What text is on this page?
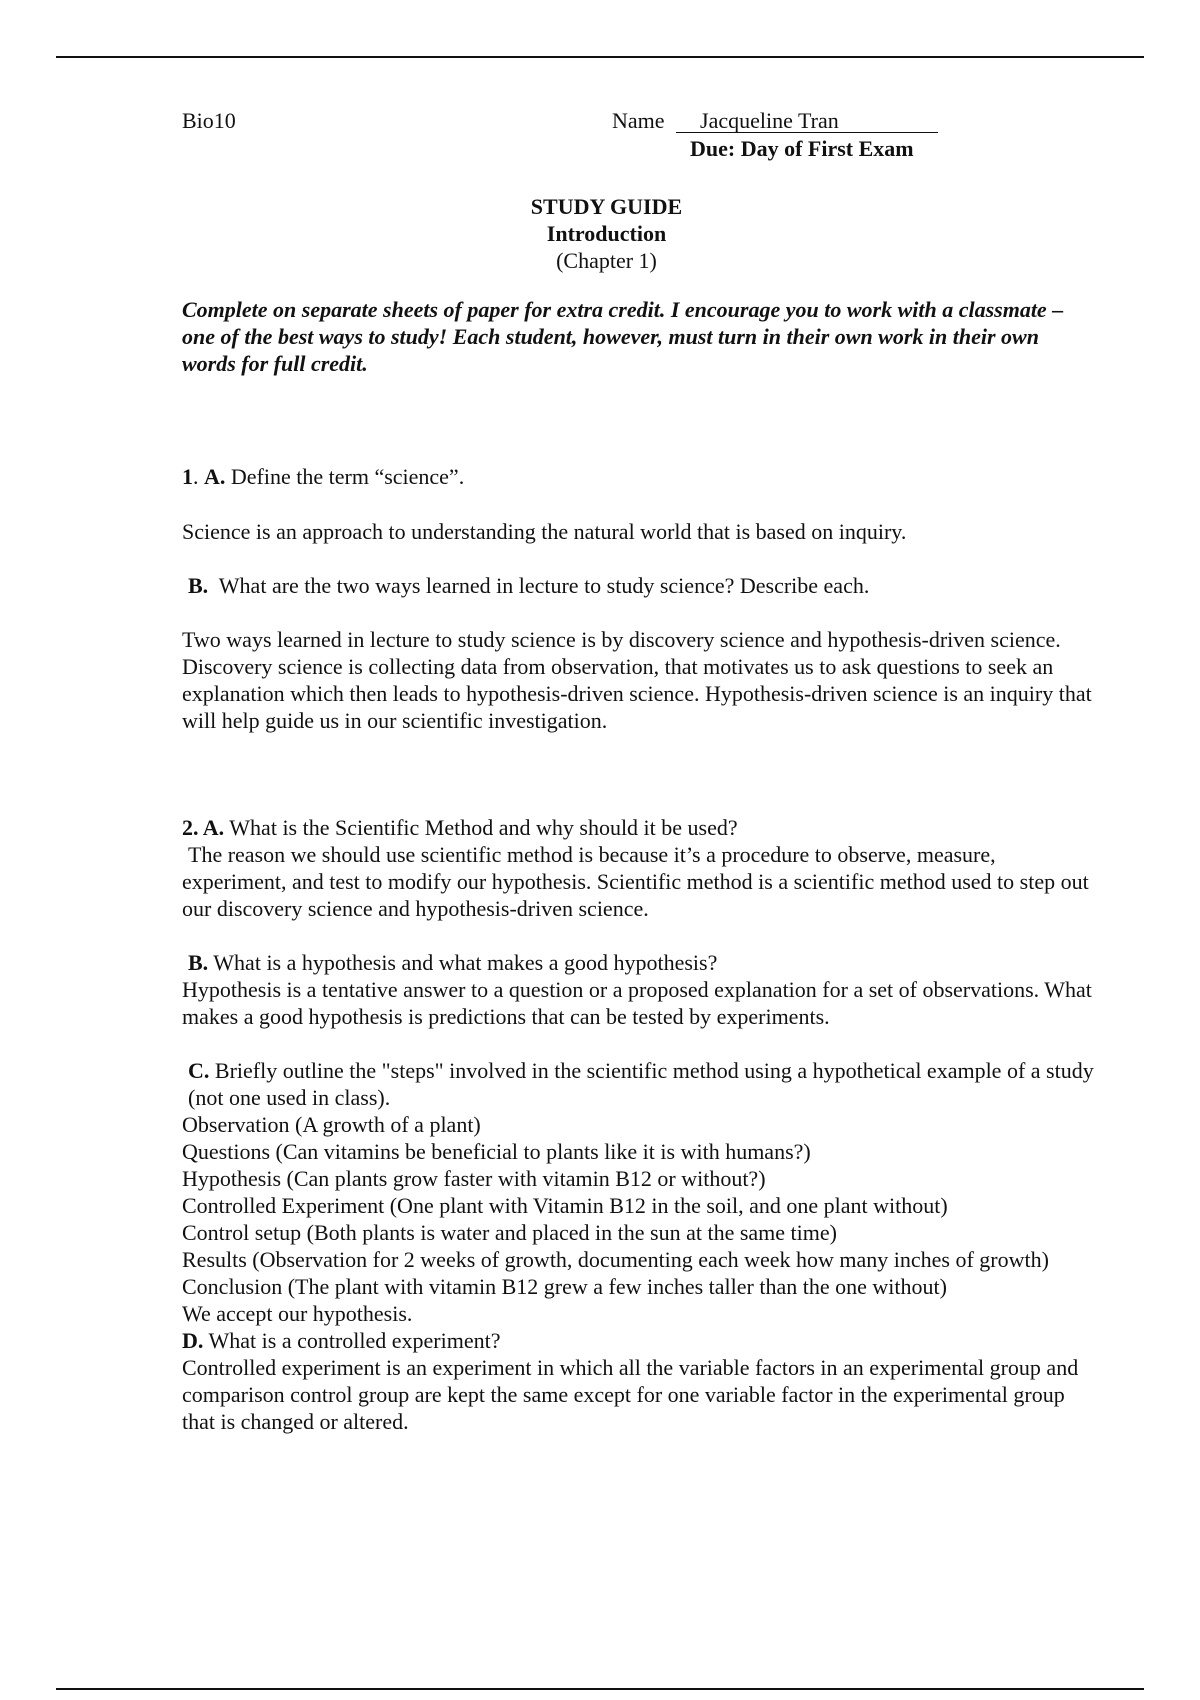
Bio10	Name Jacqueline Tran
Due: Day of First Exam
STUDY GUIDE
Introduction
(Chapter 1)

Complete on separate sheets of paper for extra credit. I encourage you to work with a classmate – one of the best ways to study! Each student, however, must turn in their own work in their own words for full credit.

1. A. Define the term “science”.

Science is an approach to understanding the natural world that is based on inquiry.

B. What are the two ways learned in lecture to study science? Describe each.

Two ways learned in lecture to study science is by discovery science and hypothesis-driven science. Discovery science is collecting data from observation, that motivates us to ask questions to seek an explanation which then leads to hypothesis-driven science. Hypothesis-driven science is an inquiry that will help guide us in our scientific investigation.

2. A. What is the Scientific Method and why should it be used?

The reason we should use scientific method is because it’s a procedure to observe, measure, experiment, and test to modify our hypothesis. Scientific method is a scientific method used to step out our discovery science and hypothesis-driven science.

B. What is a hypothesis and what makes a good hypothesis?

Hypothesis is a tentative answer to a question or a proposed explanation for a set of observations. What makes a good hypothesis is predictions that can be tested by experiments.

C. Briefly outline the "steps" involved in the scientific method using a hypothetical example of a study (not one used in class).

Observation (A growth of a plant)

Questions (Can vitamins be beneficial to plants like it is with humans?)

Hypothesis (Can plants grow faster with vitamin B12 or without?)

Controlled Experiment (One plant with Vitamin B12 in the soil, and one plant without)

Control setup (Both plants is water and placed in the sun at the same time)

Results (Observation for 2 weeks of growth, documenting each week how many inches of growth)

Conclusion (The plant with vitamin B12 grew a few inches taller than the one without)

We accept our hypothesis.

D. What is a controlled experiment?

Controlled experiment is an experiment in which all the variable factors in an experimental group and comparison control group are kept the same except for one variable factor in the experimental group that is changed or altered.
